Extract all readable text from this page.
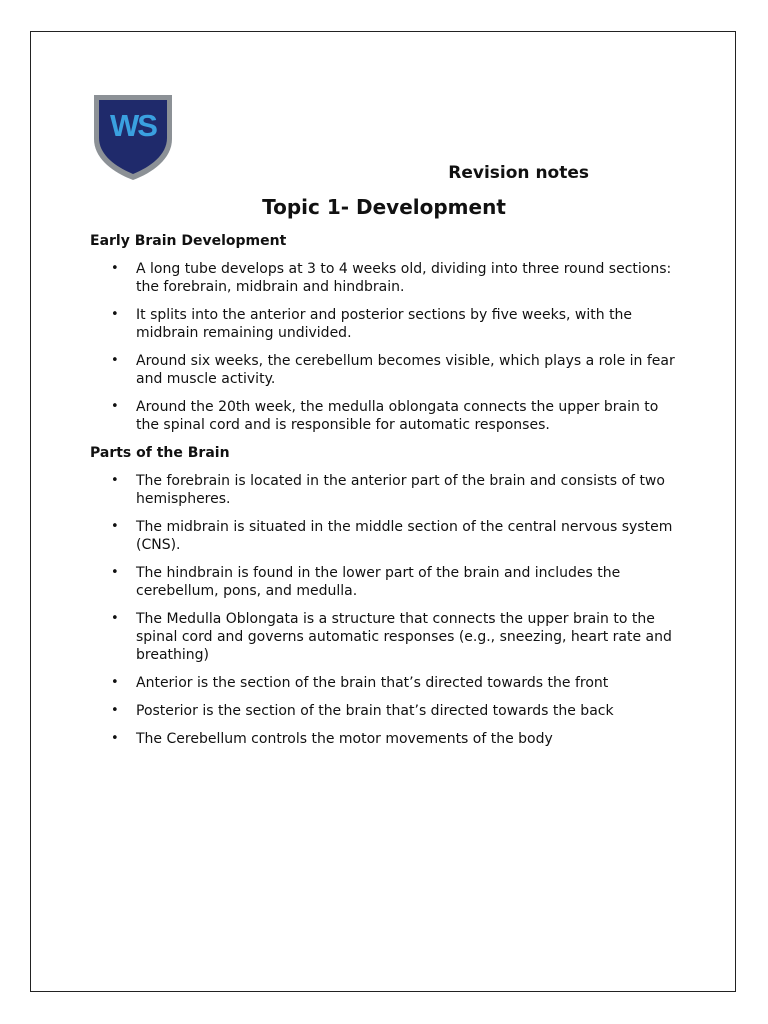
WS

Revision notes

Topic 1- Development
Early Brain Development
• A long tube develops at 3 to 4 weeks old, dividing into three round sections: the forebrain, midbrain and hindbrain.
• It splits into the anterior and posterior sections by five weeks, with the midbrain remaining undivided.
• Around six weeks, the cerebellum becomes visible, which plays a role in fear and muscle activity.
• Around the 20th week, the medulla oblongata connects the upper brain to the spinal cord and is responsible for automatic responses.
Parts of the Brain
• The forebrain is located in the anterior part of the brain and consists of two hemispheres.
• The midbrain is situated in the middle section of the central nervous system (CNS).
• The hindbrain is found in the lower part of the brain and includes the cerebellum, pons, and medulla.
• The Medulla Oblongata is a structure that connects the upper brain to the spinal cord and governs automatic responses (e.g., sneezing, heart rate and breathing)
• Anterior is the section of the brain that’s directed towards the front
• Posterior is the section of the brain that’s directed towards the back
• The Cerebellum controls the motor movements of the body
